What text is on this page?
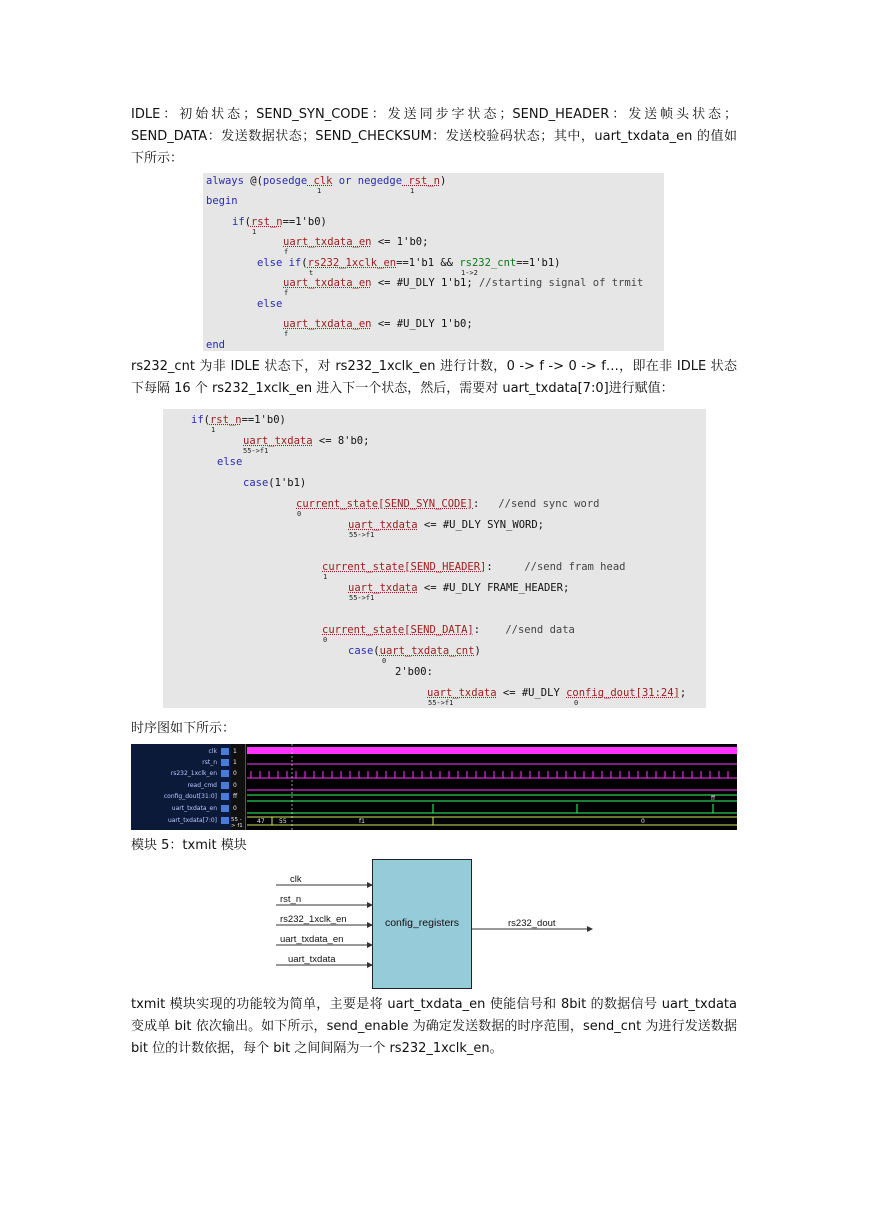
IDLE：初始状态；SEND_SYN_CODE：发送同步字状态；SEND_HEADER：发送帧头状态；SEND_DATA：发送数据状态；SEND_CHECKSUM：发送校验码状态；其中，uart_txdata_en 的值如下所示：

always @(posedge clk or negedge rst_n)
1	1
begin
if(rst_n==1'b0)
1
uart_txdata_en <= 1'b0;
f
else if(rs232_1xclk_en==1'b1 && rs232_cnt==1'b1)
t	1->2
uart_txdata_en <= #U_DLY 1'b1; //starting signal of trmit
f
else
uart_txdata_en <= #U_DLY 1'b0;
f
end

rs232_cnt 为非 IDLE 状态下，对 rs232_1xclk_en 进行计数，0 -> f -> 0 -> f…，即在非 IDLE 状态下每隔 16 个 rs232_1xclk_en 进入下一个状态，然后，需要对 uart_txdata[7:0]进行赋值：

if(rst_n==1'b0)
1
uart_txdata <= 8'b0;
55->f1
else
case(1'b1)
current_state[SEND_SYN_CODE]:   //send sync word
0
uart_txdata <= #U_DLY SYN_WORD;
55->f1
current_state[SEND_HEADER]:     //send fram head
1
uart_txdata <= #U_DLY FRAME_HEADER;
55->f1
current_state[SEND_DATA]:    //send data
0
case(uart_txdata_cnt)
0
2'b00:
uart_txdata <= #U_DLY config_dout[31:24];
55->f1	0
时序图如下所示：
clk
rst_n
rs232_1xclk_en
read_cmd
config_dout[31:0]
uart_txdata_en
uart_txdata[7:0]
1
1
0
0
ff
0
55 -> f1
47 55	f1	0
ff
模块 5：txmit 模块
clk
rst_n
rs232_1xclk_en
uart_txdata_en
uart_txdata
config_registers	rs232_dout

txmit 模块实现的功能较为简单，主要是将 uart_txdata_en 使能信号和 8bit 的数据信号 uart_txdata 变成单 bit 依次输出。如下所示，send_enable 为确定发送数据的时序范围，send_cnt 为进行发送数据 bit 位的计数依据，每个 bit 之间间隔为一个 rs232_1xclk_en。
